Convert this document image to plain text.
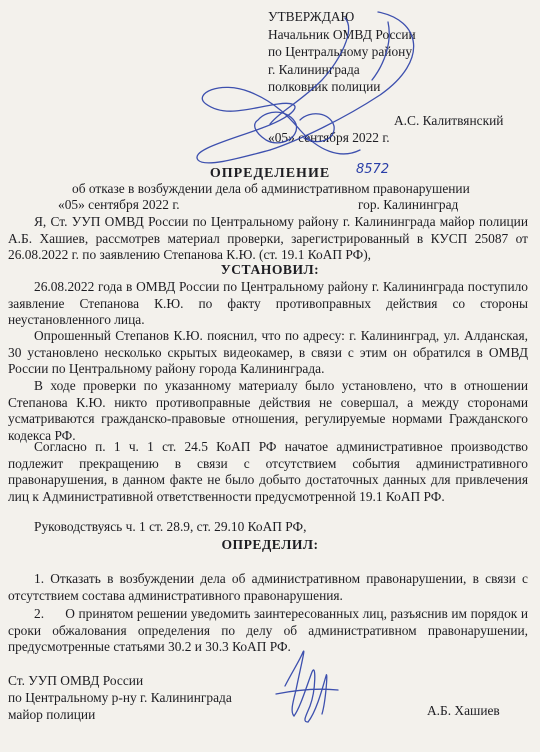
УТВЕРЖДАЮ
Начальник ОМВД России
по Центральному району
г. Калининграда
полковник полиции
А.С. Калитвянский
«05» сентября 2022 г.
ОПРЕДЕЛЕНИЕ	8572
об отказе в возбуждении дела об административном правонарушении
«05» сентября 2022 г.	гор. Калининград
Я, Ст. УУП ОМВД России по Центральному району г. Калининграда майор полиции А.Б. Хашиев, рассмотрев материал проверки, зарегистрированный в КУСП 25087 от 26.08.2022 г. по заявлению Степанова К.Ю. (ст. 19.1 КоАП РФ),
УСТАНОВИЛ:
26.08.2022 года в ОМВД России по Центральному району г. Калининграда поступило заявление Степанова К.Ю. по факту противоправных действия со стороны неустановленного лица.
Опрошенный Степанов К.Ю. пояснил, что по адресу: г. Калининград, ул. Алданская, 30 установлено несколько скрытых видеокамер, в связи с этим он обратился в ОМВД России по Центральному району города Калининграда.
В ходе проверки по указанному материалу было установлено, что в отношении Степанова К.Ю. никто противоправные действия не совершал, а между сторонами усматриваются гражданско-правовые отношения, регулируемые нормами Гражданского кодекса РФ.
Согласно п. 1 ч. 1 ст. 24.5 КоАП РФ начатое административное производство подлежит прекращению в связи с отсутствием события административного правонарушения, в данном факте не было добыто достаточных данных для привлечения лиц к Административной ответственности предусмотренной 19.1 КоАП РФ.
Руководствуясь ч. 1 ст. 28.9, ст. 29.10 КоАП РФ,
ОПРЕДЕЛИЛ:
1. Отказать в возбуждении дела об административном правонарушении, в связи с отсутствием состава административного правонарушения.
2.      О принятом решении уведомить заинтересованных лиц, разъяснив им порядок и сроки обжалования определения по делу об административном правонарушении, предусмотренные статьями 30.2 и 30.3 КоАП РФ.
Ст. УУП ОМВД России
по Центральному р-ну г. Калининграда
майор полиции	А.Б. Хашиев
